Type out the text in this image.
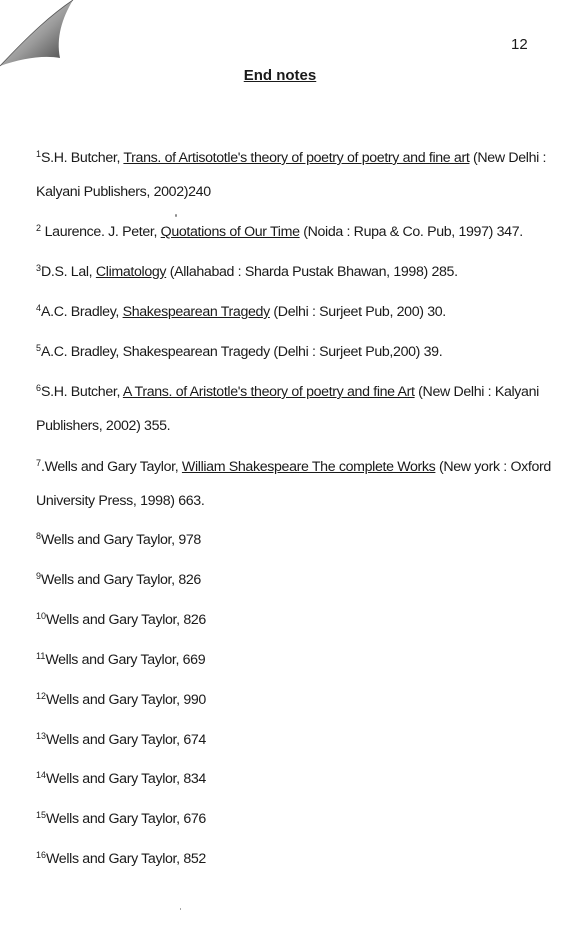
12
End notes
$^1$S.H. Butcher, Trans. of Artisototle's theory of poetry of poetry and fine art (New Delhi :
Kalyani Publishers, 2002)240
$^2$ Laurence. J. Peter, Quotations of Our Time (Noida : Rupa & Co. Pub, 1997) 347.
$^3$D.S. Lal, Climatology (Allahabad : Sharda Pustak Bhawan, 1998) 285.
$^4$A.C. Bradley, Shakespearean Tragedy (Delhi : Surjeet Pub, 200) 30.
$^5$A.C. Bradley, Shakespearean Tragedy (Delhi : Surjeet Pub,200) 39.
$^6$S.H. Butcher, A Trans. of Aristotle's theory of poetry and fine Art (New Delhi : Kalyani
Publishers, 2002) 355.
$^7$.Wells and Gary Taylor, William Shakespeare The complete Works (New york : Oxford
University Press, 1998) 663.
$^8$Wells and Gary Taylor, 978
$^9$Wells and Gary Taylor, 826
$^{10}$Wells and Gary Taylor, 826
$^{11}$Wells and Gary Taylor, 669
$^{12}$Wells and Gary Taylor, 990
$^{13}$Wells and Gary Taylor, 674
$^{14}$Wells and Gary Taylor, 834
$^{15}$Wells and Gary Taylor, 676
$^{16}$Wells and Gary Taylor, 852
